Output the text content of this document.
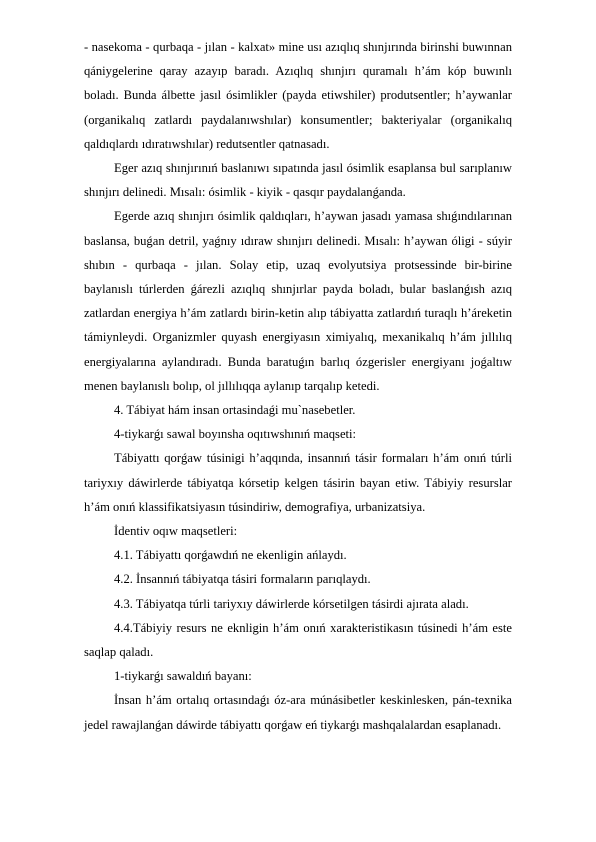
- nasekoma - qurbaqa - jılan - kalxat» mine usı azıqlıq shınjırında birinshi buwınnan qániygelerine qaray azayıp baradı. Azıqlıq shınjırı quramalı h’ám kóp buwınlı boladı. Bunda álbette jasıl ósimlikler (payda etiwshiler) produtsentler; h’aywanlar (organikalıq zatlardı paydalanıwshılar) konsumentler; bakteriyalar (organikalıq qaldıqlardı ıdıratıwshılar) redutsentler qatnasadı.

Eger azıq shınjırınıń baslanıwı sıpatında jasıl ósimlik esaplansa bul sarıplanıw shınjırı delinedi. Mısalı: ósimlik - kiyik - qasqır paydalanǵanda.

Egerde azıq shınjırı ósimlik qaldıqları, h’aywan jasadı yamasa shıǵındılarınan baslansa, buǵan detril, yaǵnıy ıdıraw shınjırı delinedi. Mısalı: h’aywan óligi - súyir shıbın - qurbaqa - jılan. Solay etip, uzaq evolyutsiya protsessinde bir-birine baylanıslı túrlerden ǵárezli azıqlıq shınjırlar payda boladı, bular baslanǵısh azıq zatlardan energiya h’ám zatlardı birin-ketin alıp tábiyatta zatlardıń turaqlı h’áreketin támiynleydi. Organizmler quyash energiyasın ximiyalıq, mexanikalıq h’ám jıllılıq energiyalarına aylandıradı. Bunda baratuǵın barlıq ózgerisler energiyanı joǵaltıw menen baylanıslı bolıp, ol jıllılıqqa aylanıp tarqalıp ketedi.

4. Tábiyat hám insan ortasindaǵi mu`nasebetler.

4-tiykarǵı sawal boyınsha oqıtıwshınıń maqseti:

Tábiyattı qorǵaw túsinigi h’aqqında, insannıń tásir formaları h’ám onıń túrli tariyxıy dáwirlerde tábiyatqa kórsetip kelgen tásirin bayan etiw. Tábiyiy resurslar h’ám onıń klassifikatsiyasın túsindiriw, demografiya, urbanizatsiya.

İdentiv oqıw maqsetleri:

4.1. Tábiyattı qorǵawdıń ne ekenligin ańlaydı.

4.2. İnsannıń tábiyatqa tásiri formaların parıqlaydı.

4.3. Tábiyatqa túrli tariyxıy dáwirlerde kórsetilgen tásirdi ajırata aladı.

4.4.Tábiyiy resurs ne eknligin h’ám onıń xarakteristikasın túsinedi h’ám este saqlap qaladı.

1-tiykarǵı sawaldıń bayanı:

İnsan h’ám ortalıq ortasındaǵı óz-ara múnásibetler keskinlesken, pán-texnika jedel rawajlanǵan dáwirde tábiyattı qorǵaw eń tiykarǵı mashqalalardan esaplanadı.
